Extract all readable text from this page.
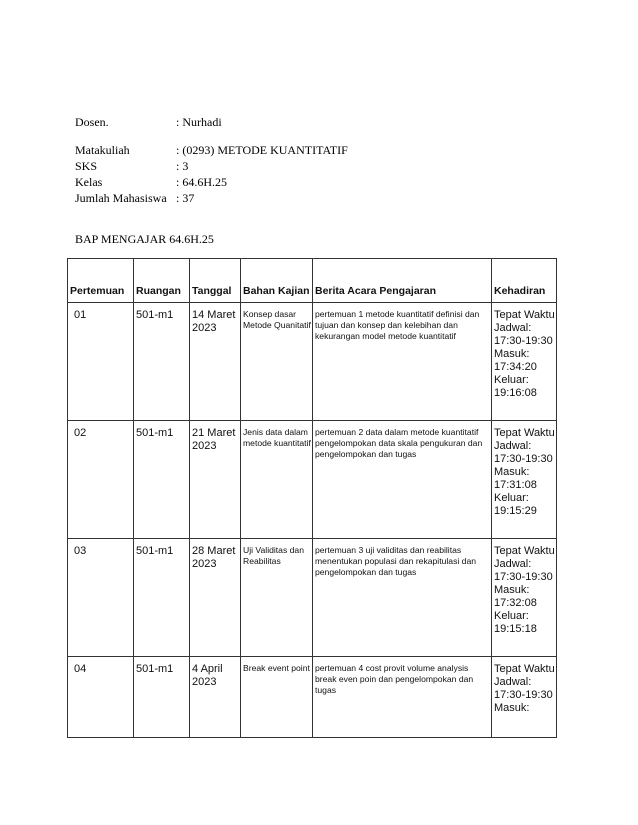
Dosen.	: Nurhadi
Matakuliah	: (0293) METODE KUANTITATIF
SKS	: 3
Kelas	: 64.6H.25
Jumlah Mahasiswa : 37
BAP MENGAJAR 64.6H.25
Pertemuan	Ruangan	Tanggal	Bahan Kajian	Berita Acara Pengajaran	Kehadiran
01	501-m1	14 Maret 2023	Konsep dasar Metode Quanitatif	pertemuan 1 metode kuantitatif definisi dan tujuan dan konsep dan kelebihan dan kekurangan model metode kuantitatif	Tepat Waktu
Jadwal: 17:30-19:30
Masuk: 17:34:20
Keluar: 19:16:08

02	501-m1	21 Maret 2023	Jenis data dalam metode kuantitatif	pertemuan 2 data dalam metode kuantitatif pengelompokan data skala pengukuran dan pengelompokan dan tugas	Tepat Waktu
Jadwal: 17:30-19:30
Masuk: 17:31:08
Keluar: 19:15:29

03	501-m1	28 Maret 2023	Uji Validitas dan Reabilitas	pertemuan 3 uji validitas dan reabilitas menentukan populasi dan rekapitulasi dan pengelompokan dan tugas	Tepat Waktu
Jadwal: 17:30-19:30
Masuk: 17:32:08
Keluar: 19:15:18

04	501-m1	4 April 2023	Break event point	pertemuan 4 cost provit volume analysis break even poin dan pengelompokan dan tugas	Tepat Waktu
Jadwal: 17:30-19:30
Masuk:
